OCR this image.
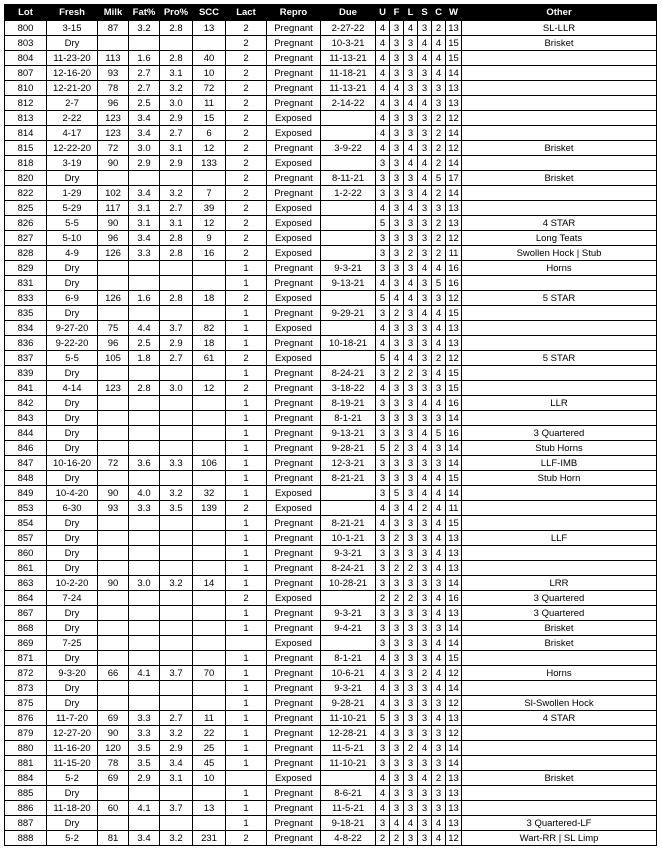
Lot	Fresh	Milk	Fat%	Pro%	SCC	Lact	Repro	Due	U	F	L	S	C	W	Other
800	3-15	87	3.2	2.8	13	2	Pregnant	2-27-22	4	3	4	3	2	13	SL-LLR
803	Dry					2	Pregnant	10-3-21	4	3	3	4	4	15	Brisket
804	11-23-20	113	1.6	2.8	40	2	Pregnant	11-13-21	4	3	3	4	4	15	
807	12-16-20	93	2.7	3.1	10	2	Pregnant	11-18-21	4	3	3	3	4	14	
810	12-21-20	78	2.7	3.2	72	2	Pregnant	11-13-21	4	4	3	3	3	13	
812	2-7	96	2.5	3.0	11	2	Pregnant	2-14-22	4	3	4	4	3	13	
813	2-22	123	3.4	2.9	15	2	Exposed		4	3	3	3	2	12	
814	4-17	123	3.4	2.7	6	2	Exposed		4	3	3	3	2	14	
815	12-22-20	72	3.0	3.1	12	2	Pregnant	3-9-22	4	3	4	3	2	12	Brisket
818	3-19	90	2.9	2.9	133	2	Exposed		3	3	4	4	2	14	
820	Dry					2	Pregnant	8-11-21	3	3	3	4	5	17	Brisket
822	1-29	102	3.4	3.2	7	2	Pregnant	1-2-22	3	3	3	4	2	14	
825	5-29	117	3.1	2.7	39	2	Exposed		4	3	4	3	3	13	
826	5-5	90	3.1	3.1	12	2	Exposed		5	3	3	3	2	13	4 STAR
827	5-10	96	3.4	2.8	9	2	Exposed		3	3	3	3	2	12	Long Teats
828	4-9	126	3.3	2.8	16	2	Exposed		3	3	2	3	2	11	Swollen Hock | Stub
829	Dry					1	Pregnant	9-3-21	3	3	3	4	4	16	Horns
831	Dry					1	Pregnant	9-13-21	4	3	4	3	5	16	
833	6-9	126	1.6	2.8	18	2	Exposed		5	4	4	3	3	12	5 STAR
835	Dry					1	Pregnant	9-29-21	3	2	3	4	4	15	
834	9-27-20	75	4.4	3.7	82	1	Exposed		4	3	3	3	4	13	
836	9-22-20	96	2.5	2.9	18	1	Pregnant	10-18-21	4	3	3	3	4	13	
837	5-5	105	1.8	2.7	61	2	Exposed		5	4	4	3	2	12	5 STAR
839	Dry					1	Pregnant	8-24-21	3	2	2	3	4	15	
841	4-14	123	2.8	3.0	12	2	Pregnant	3-18-22	4	3	3	3	3	15	
842	Dry					1	Pregnant	8-19-21	3	3	3	4	4	16	LLR
843	Dry					1	Pregnant	8-1-21	3	3	3	3	3	14	
844	Dry					1	Pregnant	9-13-21	3	3	3	4	5	16	3 Quartered
846	Dry					1	Pregnant	9-28-21	5	2	3	4	3	14	Stub Horns
847	10-16-20	72	3.6	3.3	106	1	Pregnant	12-3-21	3	3	3	3	3	14	LLF-IMB
848	Dry					1	Pregnant	8-21-21	3	3	3	4	4	15	Stub Horn
849	10-4-20	90	4.0	3.2	32	1	Exposed		3	5	3	4	4	14	
853	6-30	93	3.3	3.5	139	2	Exposed		4	3	4	2	4	11	
854	Dry					1	Pregnant	8-21-21	4	3	3	3	4	15	
857	Dry					1	Pregnant	10-1-21	3	2	3	3	4	13	LLF
860	Dry					1	Pregnant	9-3-21	3	3	3	3	4	13	
861	Dry					1	Pregnant	8-24-21	3	2	2	3	4	13	
863	10-2-20	90	3.0	3.2	14	1	Pregnant	10-28-21	3	3	3	3	3	14	LRR
864	7-24					2	Exposed		2	2	2	3	4	16	3 Quartered
867	Dry					1	Pregnant	9-3-21	3	3	3	3	4	13	3 Quartered
868	Dry					1	Pregnant	9-4-21	3	3	3	3	3	14	Brisket
869	7-25						Exposed		3	3	3	3	4	14	Brisket
871	Dry					1	Pregnant	8-1-21	4	3	3	3	4	15	
872	9-3-20	66	4.1	3.7	70	1	Pregnant	10-6-21	4	3	3	2	4	12	Horns
873	Dry					1	Pregnant	9-3-21	4	3	3	3	4	14	
875	Dry					1	Pregnant	9-28-21	4	3	3	3	3	12	Sl-Swollen Hock
876	11-7-20	69	3.3	2.7	11	1	Pregnant	11-10-21	5	3	3	3	4	13	4 STAR
879	12-27-20	90	3.3	3.2	22	1	Pregnant	12-28-21	4	3	3	3	3	12	
880	11-16-20	120	3.5	2.9	25	1	Pregnant	11-5-21	3	3	2	4	3	14	
881	11-15-20	78	3.5	3.4	45	1	Pregnant	11-10-21	3	3	3	3	3	14	
884	5-2	69	2.9	3.1	10		Exposed		4	3	3	4	2	13	Brisket
885	Dry					1	Pregnant	8-6-21	4	3	3	3	3	13	
886	11-18-20	60	4.1	3.7	13	1	Pregnant	11-5-21	4	3	3	3	3	13	
887	Dry					1	Pregnant	9-18-21	3	4	4	3	4	13	3 Quartered-LF
888	5-2	81	3.4	3.2	231	2	Pregnant	4-8-22	2	2	3	3	4	12	Wart-RR | SL Limp
